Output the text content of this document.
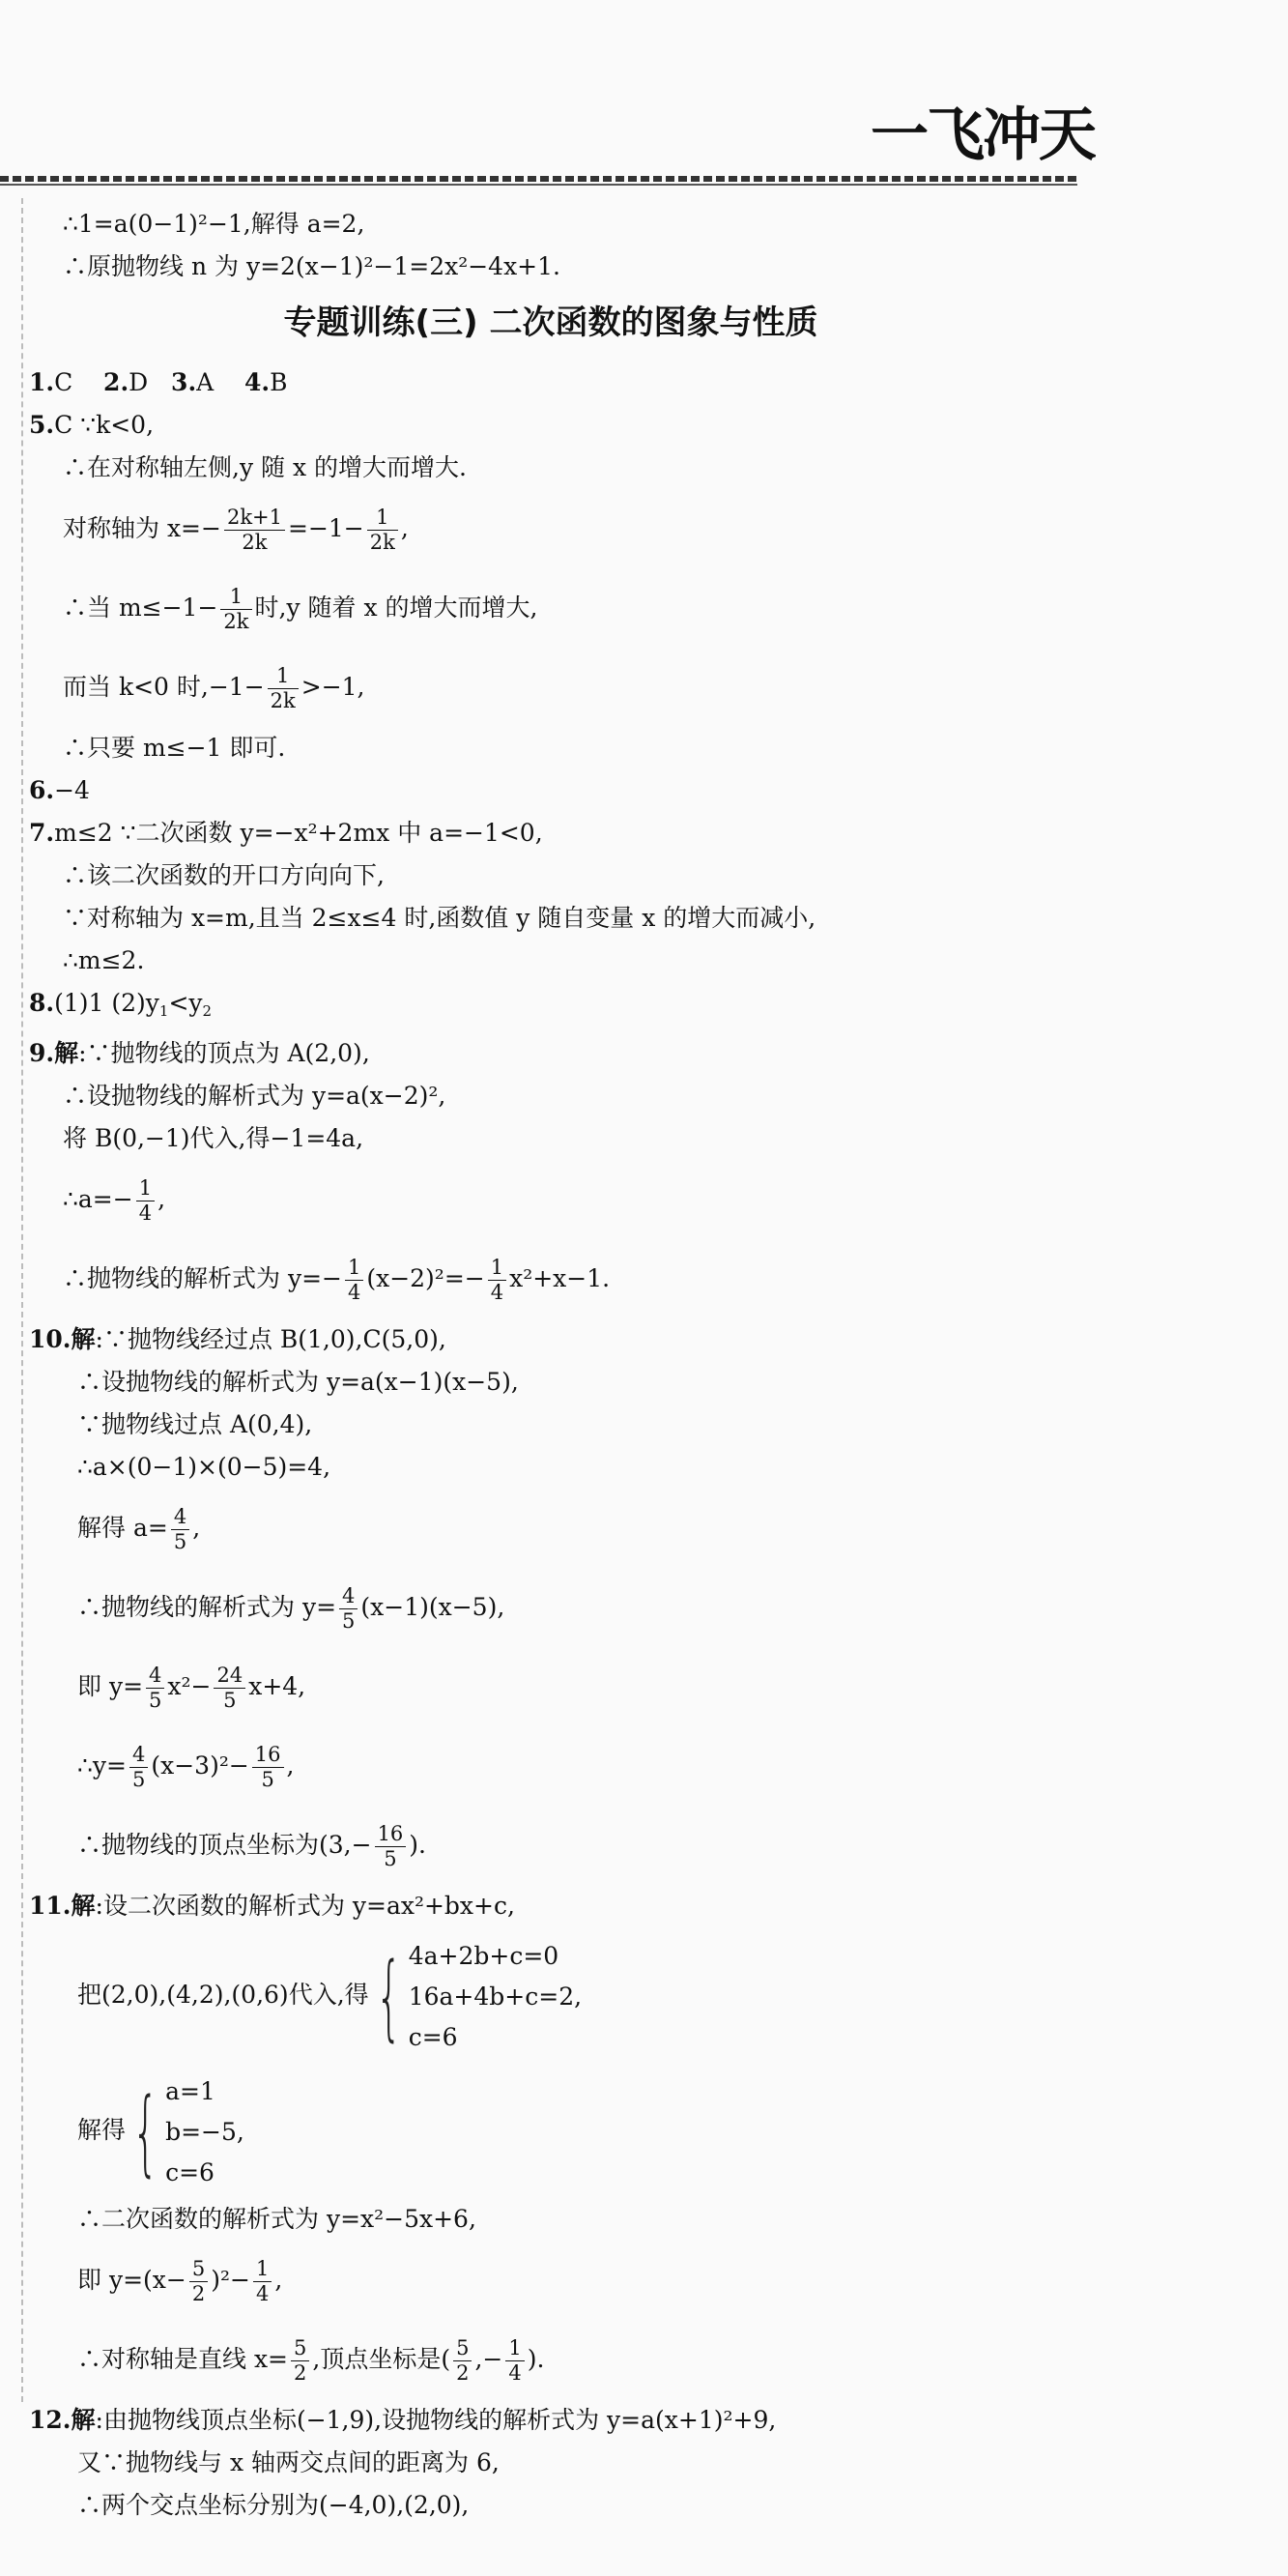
一飞冲天
∴1=a(0−1)²−1,解得 a=2,
∴原抛物线 n 为 y=2(x−1)²−1=2x²−4x+1.
专题训练(三) 二次函数的图象与性质
1.C 2.D 3.A 4.B
5.C ∵k<0,
∴在对称轴左侧,y 随 x 的增大而增大.
对称轴为 $x=- \frac{2k+1}{2k} =-1- \frac{1}{2k}$ ,
∴当 $m\le-1- \frac{1}{2k}$ 时,y 随着 x 的增大而增大,
而当 k<0 时$,-1- \frac{1}{2k} >-1$,
∴只要 m≤−1 即可.
6.−4
7.m≤2 ∵二次函数 y=−x²+2mx 中 a=−1<0,
∴该二次函数的开口方向向下,
∵对称轴为 x=m,且当 2≤x≤4 时,函数值 y 随自变量 x 的增大而减小,
∴m≤2.
8.(1)1 $(2)y_1<y_2$
9.解:∵抛物线的顶点为 A(2,0),
∴设抛物线的解析式为 y=a(x−2)²,
将 B(0,−1)代入,得−1=4a,
∴a=− $\frac{1}{4}$ ,
∴抛物线的解析式为 $y=- \frac{1}{4} (x-2)^2=- \frac{1}{4} x^2+x-1$.
10.解:∵抛物线经过点 B(1,0),C(5,0),
∴设抛物线的解析式为 y=a(x−1)(x−5),
∵抛物线过点 A(0,4),
∴a×(0−1)×(0−5)=4,
解得 $a= \frac{4}{5}$ ,
∴抛物线的解析式为 $y= \frac{4}{5} (x-1)(x-5)$,
即 $y= \frac{4}{5} x^2- \frac{24}{5} x+4$,
∴y= $\frac{4}{5} (x-3)^2- \frac{16}{5}$ ,
∴抛物线的顶点坐标为($3,- \frac{16}{5}$ ).
11.解:设二次函数的解析式为 y=ax²+bx+c,
把(2,0),(4,2),(0,6)代入,得 { 4a+2b+c=0
16a+4b+c=2,
c=6
解得 { a=1
b=−5,
c=6
∴二次函数的解析式为 y=x²−5x+6,
即 $y=(x- \frac{5}{2} )^2- \frac{1}{4}$ ,
∴对称轴是直线 $x= \frac{5}{2}$ ,顶点坐标是( $\frac{5}{2}$ ,− $\frac{1}{4}$ ).
12.解:由抛物线顶点坐标(−1,9),设抛物线的解析式为 y=a(x+1)²+9,
又∵抛物线与 x 轴两交点间的距离为 6,
∴两个交点坐标分别为(−4,0),(2,0),
